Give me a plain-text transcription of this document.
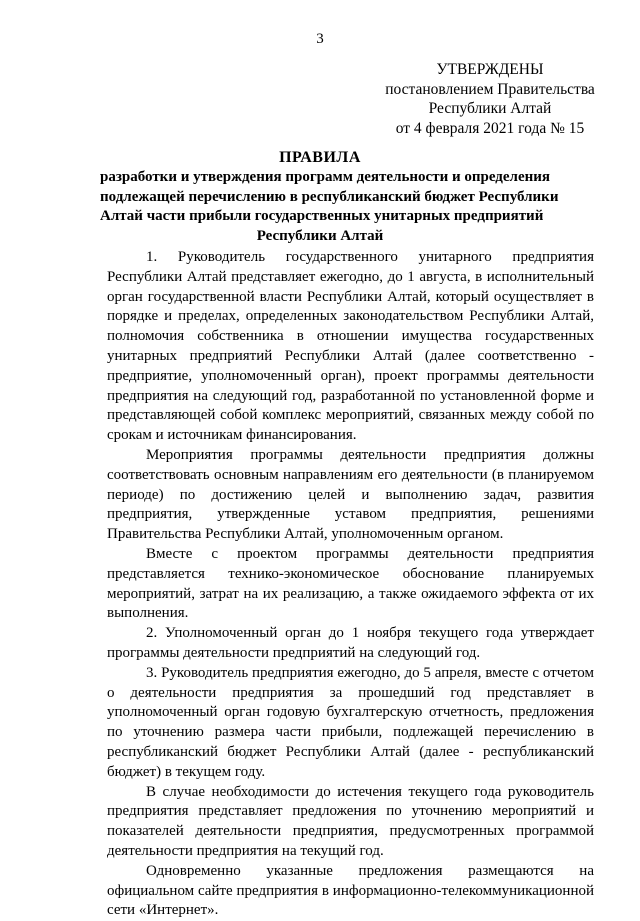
3
УТВЕРЖДЕНЫ
постановлением Правительства
Республики Алтай
от 4 февраля 2021 года № 15
ПРАВИЛА
разработки и утверждения программ деятельности и определения
подлежащей перечислению в республиканский бюджет Республики
Алтай части прибыли государственных унитарных предприятий
Республики Алтай

1. Руководитель государственного унитарного предприятия Республики Алтай представляет ежегодно, до 1 августа, в исполнительный орган государственной власти Республики Алтай, который осуществляет в порядке и пределах, определенных законодательством Республики Алтай, полномочия собственника в отношении имущества государственных унитарных предприятий Республики Алтай (далее соответственно - предприятие, уполномоченный орган), проект программы деятельности предприятия на следующий год, разработанной по установленной форме и представляющей собой комплекс мероприятий, связанных между собой по срокам и источникам финансирования.

Мероприятия программы деятельности предприятия должны соответствовать основным направлениям его деятельности (в планируемом периоде) по достижению целей и выполнению задач, развития предприятия, утвержденные уставом предприятия, решениями Правительства Республики Алтай, уполномоченным органом.

Вместе с проектом программы деятельности предприятия представляется технико-экономическое обоснование планируемых мероприятий, затрат на их реализацию, а также ожидаемого эффекта от их выполнения.

2. Уполномоченный орган до 1 ноября текущего года утверждает программы деятельности предприятий на следующий год.

3. Руководитель предприятия ежегодно, до 5 апреля, вместе с отчетом о деятельности предприятия за прошедший год представляет в уполномоченный орган годовую бухгалтерскую отчетность, предложения по уточнению размера части прибыли, подлежащей перечислению в республиканский бюджет Республики Алтай (далее - республиканский бюджет) в текущем году.

В случае необходимости до истечения текущего года руководитель предприятия представляет предложения по уточнению мероприятий и показателей деятельности предприятия, предусмотренных программой деятельности предприятия на текущий год.

Одновременно указанные предложения размещаются на официальном сайте предприятия в информационно-телекоммуникационной сети «Интернет».
